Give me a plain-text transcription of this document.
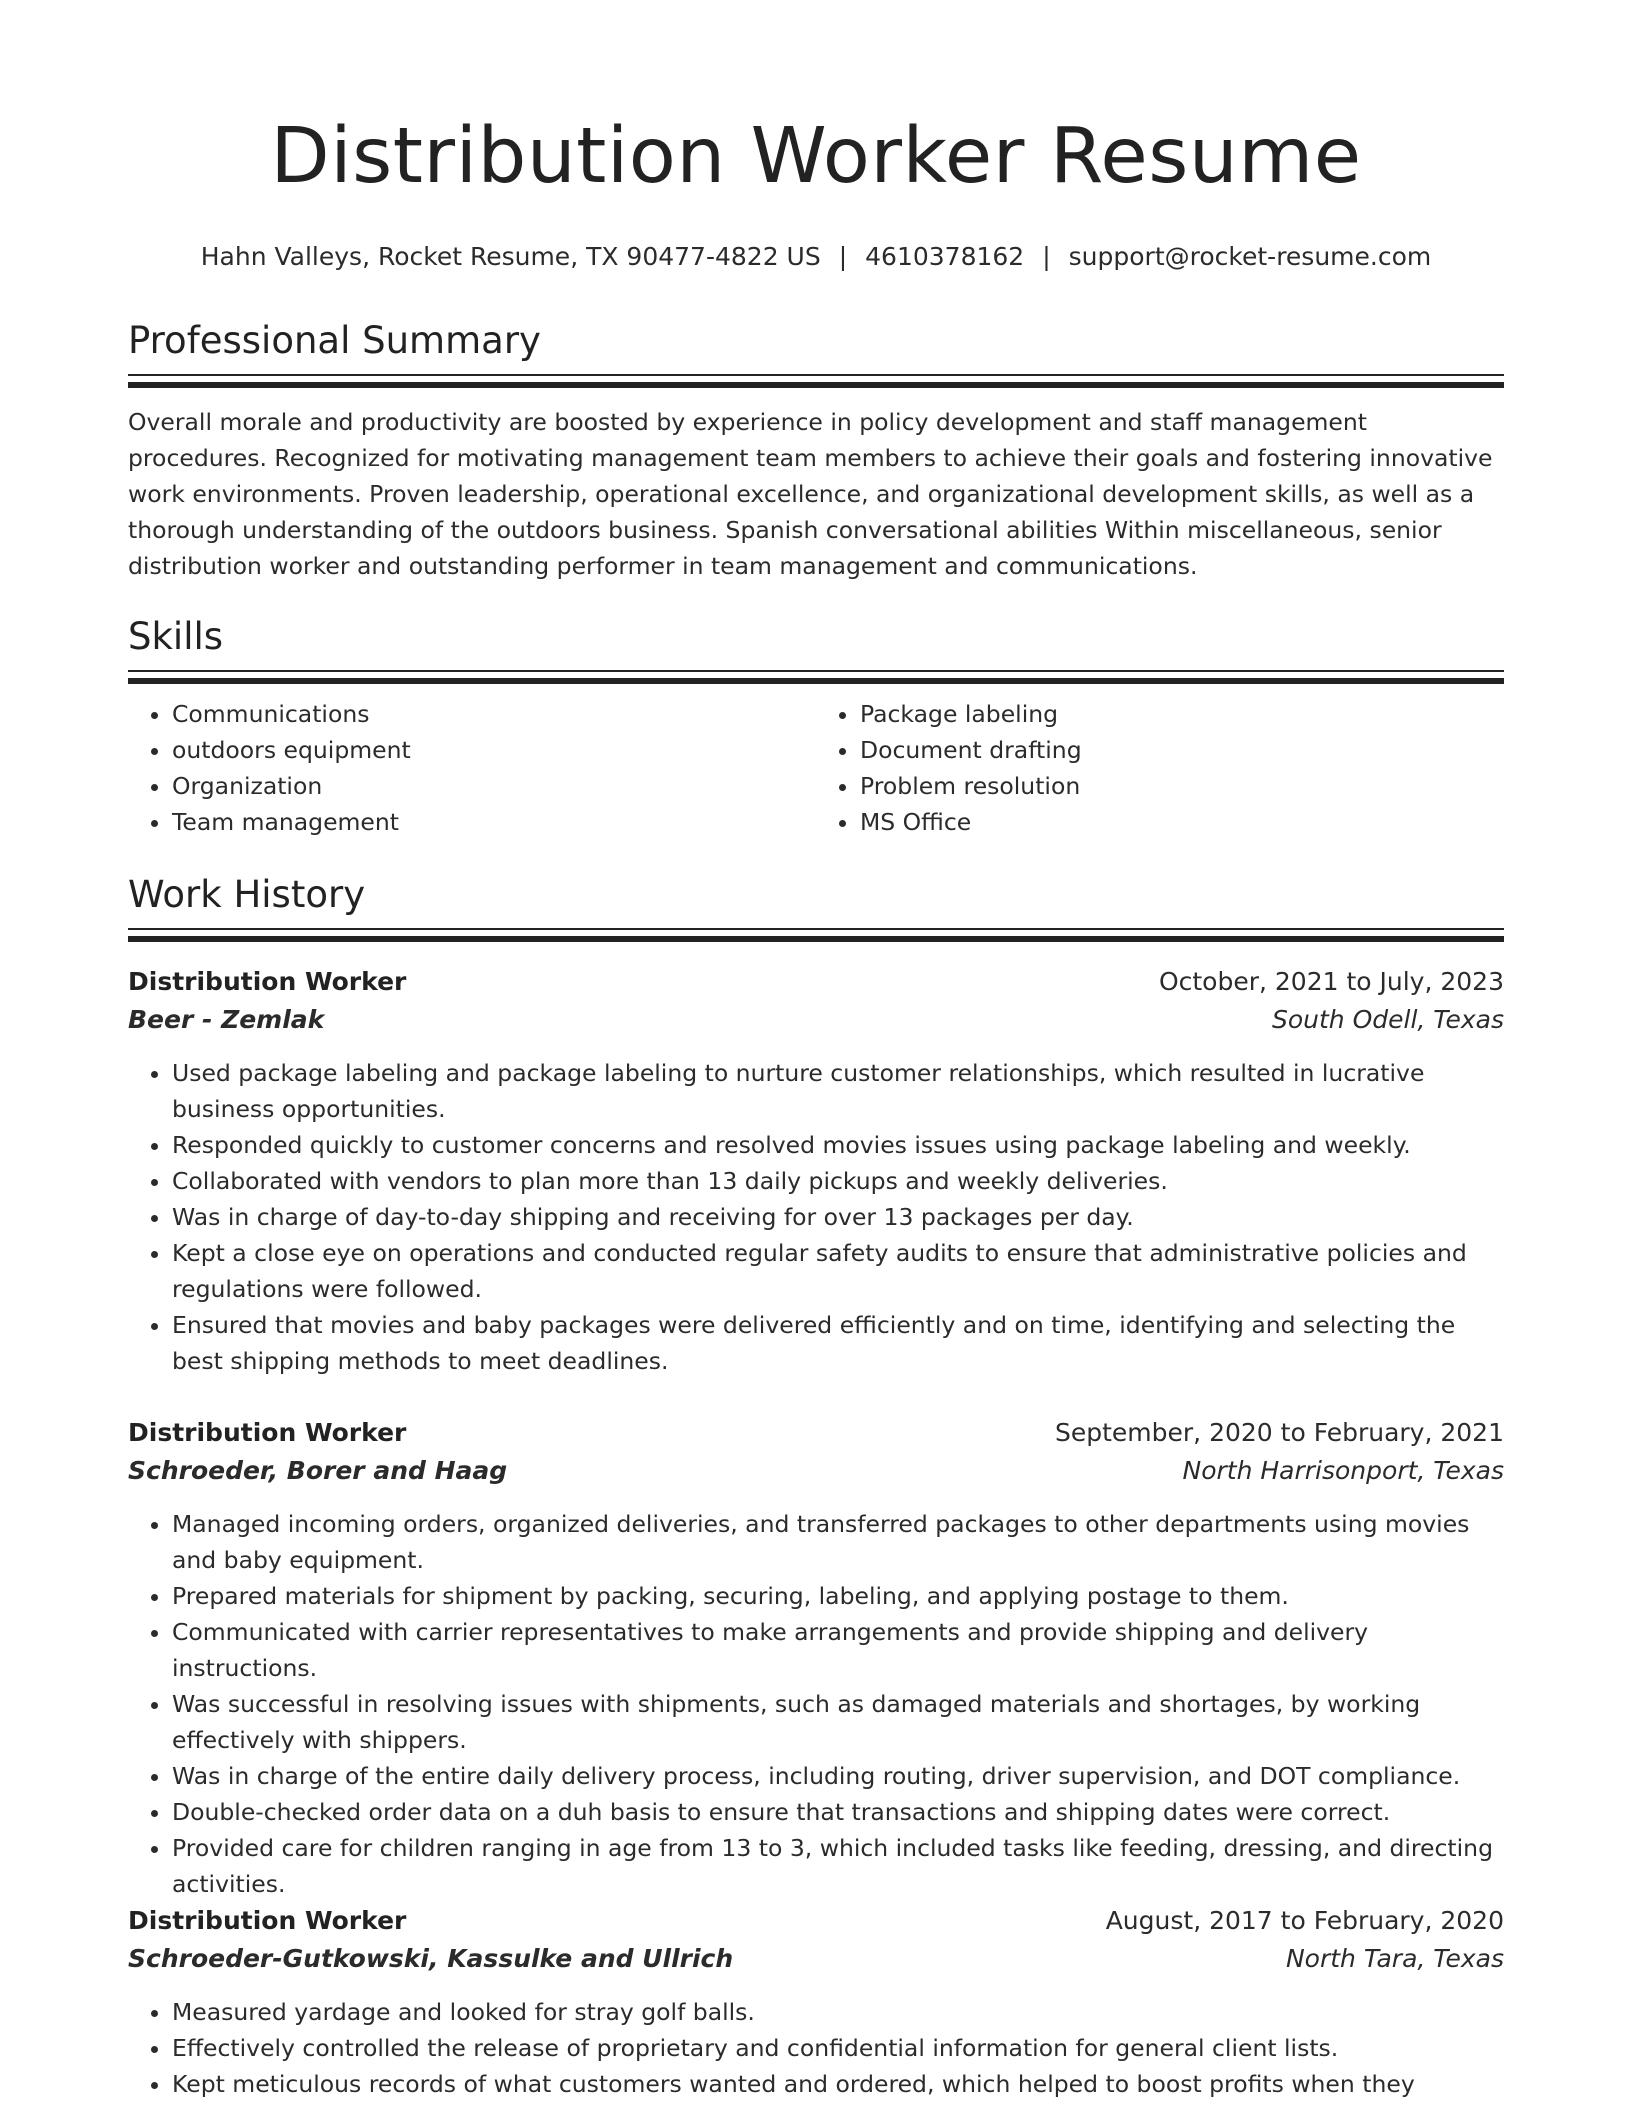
Distribution Worker Resume
Hahn Valleys, Rocket Resume, TX 90477-4822 US | 4610378162 | support@rocket-resume.com
Professional Summary

Overall morale and productivity are boosted by experience in policy development and staff management procedures. Recognized for motivating management team members to achieve their goals and fostering innovative work environments. Proven leadership, operational excellence, and organizational development skills, as well as a thorough understanding of the outdoors business. Spanish conversational abilities Within miscellaneous, senior distribution worker and outstanding performer in team management and communications.

Skills
• Communications
• outdoors equipment
• Organization
• Team management
• Package labeling
• Document drafting
• Problem resolution
• MS Office
Work History
Distribution Worker	October, 2021 to July, 2023
Beer - Zemlak	South Odell, Texas
• Used package labeling and package labeling to nurture customer relationships, which resulted in lucrative business opportunities.
• Responded quickly to customer concerns and resolved movies issues using package labeling and weekly.
• Collaborated with vendors to plan more than 13 daily pickups and weekly deliveries.
• Was in charge of day-to-day shipping and receiving for over 13 packages per day.
• Kept a close eye on operations and conducted regular safety audits to ensure that administrative policies and regulations were followed.
• Ensured that movies and baby packages were delivered efficiently and on time, identifying and selecting the best shipping methods to meet deadlines.
Distribution Worker	September, 2020 to February, 2021
Schroeder, Borer and Haag	North Harrisonport, Texas
• Managed incoming orders, organized deliveries, and transferred packages to other departments using movies and baby equipment.
• Prepared materials for shipment by packing, securing, labeling, and applying postage to them.
• Communicated with carrier representatives to make arrangements and provide shipping and delivery instructions.
• Was successful in resolving issues with shipments, such as damaged materials and shortages, by working effectively with shippers.
• Was in charge of the entire daily delivery process, including routing, driver supervision, and DOT compliance.
• Double-checked order data on a duh basis to ensure that transactions and shipping dates were correct.
• Provided care for children ranging in age from 13 to 3, which included tasks like feeding, dressing, and directing activities.
Distribution Worker	August, 2017 to February, 2020
Schroeder-Gutkowski, Kassulke and Ullrich	North Tara, Texas
• Measured yardage and looked for stray golf balls.
• Effectively controlled the release of proprietary and confidential information for general client lists.
• Kept meticulous records of what customers wanted and ordered, which helped to boost profits when they
